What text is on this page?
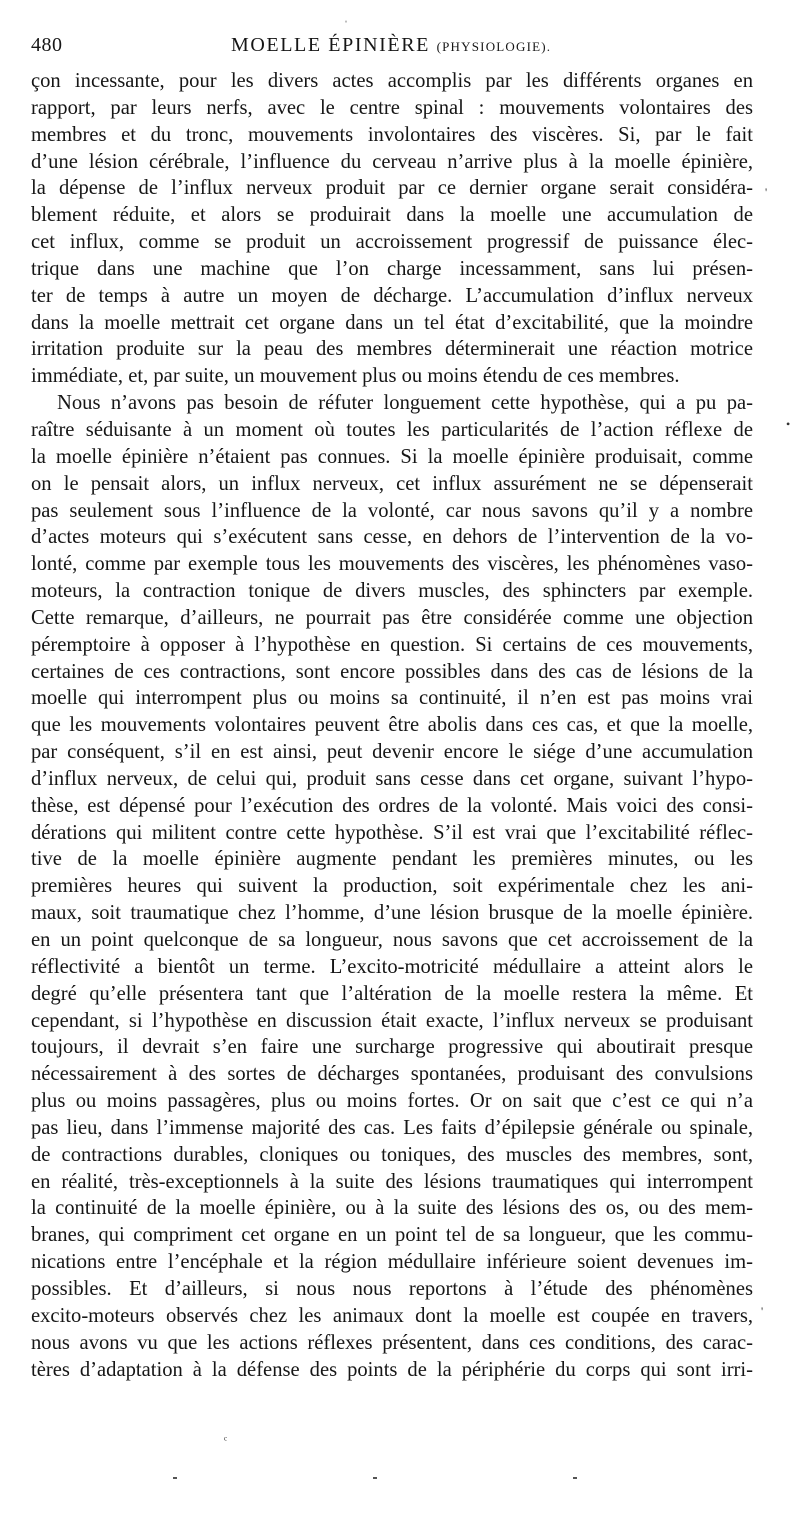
480	MOELLE ÉPINIÈRE (PHYSIOLOGIE).
çon incessante, pour les divers actes accomplis par les différents organes en
rapport, par leurs nerfs, avec le centre spinal : mouvements volontaires des
membres et du tronc, mouvements involontaires des viscères. Si, par le fait
d’une lésion cérébrale, l’influence du cerveau n’arrive plus à la moelle épinière,
la dépense de l’influx nerveux produit par ce dernier organe serait considéra-
blement réduite, et alors se produirait dans la moelle une accumulation de
cet influx, comme se produit un accroissement progressif de puissance élec-
trique dans une machine que l’on charge incessamment, sans lui présen-
ter de temps à autre un moyen de décharge. L’accumulation d’influx nerveux
dans la moelle mettrait cet organe dans un tel état d’excitabilité, que la moindre
irritation produite sur la peau des membres déterminerait une réaction motrice
immédiate, et, par suite, un mouvement plus ou moins étendu de ces membres.
Nous n’avons pas besoin de réfuter longuement cette hypothèse, qui a pu pa-
raître séduisante à un moment où toutes les particularités de l’action réflexe de
la moelle épinière n’étaient pas connues. Si la moelle épinière produisait, comme
on le pensait alors, un influx nerveux, cet influx assurément ne se dépenserait
pas seulement sous l’influence de la volonté, car nous savons qu’il y a nombre
d’actes moteurs qui s’exécutent sans cesse, en dehors de l’intervention de la vo-
lonté, comme par exemple tous les mouvements des viscères, les phénomènes vaso-
moteurs, la contraction tonique de divers muscles, des sphincters par exemple.
Cette remarque, d’ailleurs, ne pourrait pas être considérée comme une objection
péremptoire à opposer à l’hypothèse en question. Si certains de ces mouvements,
certaines de ces contractions, sont encore possibles dans des cas de lésions de la
moelle qui interrompent plus ou moins sa continuité, il n’en est pas moins vrai
que les mouvements volontaires peuvent être abolis dans ces cas, et que la moelle,
par conséquent, s’il en est ainsi, peut devenir encore le siége d’une accumulation
d’influx nerveux, de celui qui, produit sans cesse dans cet organe, suivant l’hypo-
thèse, est dépensé pour l’exécution des ordres de la volonté. Mais voici des consi-
dérations qui militent contre cette hypothèse. S’il est vrai que l’excitabilité réflec-
tive de la moelle épinière augmente pendant les premières minutes, ou les
premières heures qui suivent la production, soit expérimentale chez les ani-
maux, soit traumatique chez l’homme, d’une lésion brusque de la moelle épinière.
en un point quelconque de sa longueur, nous savons que cet accroissement de la
réflectivité a bientôt un terme. L’excito-motricité médullaire a atteint alors le
degré qu’elle présentera tant que l’altération de la moelle restera la même. Et
cependant, si l’hypothèse en discussion était exacte, l’influx nerveux se produisant
toujours, il devrait s’en faire une surcharge progressive qui aboutirait presque
nécessairement à des sortes de décharges spontanées, produisant des convulsions
plus ou moins passagères, plus ou moins fortes. Or on sait que c’est ce qui n’a
pas lieu, dans l’immense majorité des cas. Les faits d’épilepsie générale ou spinale,
de contractions durables, cloniques ou toniques, des muscles des membres, sont,
en réalité, très-exceptionnels à la suite des lésions traumatiques qui interrompent
la continuité de la moelle épinière, ou à la suite des lésions des os, ou des mem-
branes, qui compriment cet organe en un point tel de sa longueur, que les commu-
nications entre l’encéphale et la région médullaire inférieure soient devenues im-
possibles. Et d’ailleurs, si nous nous reportons à l’étude des phénomènes
excito-moteurs observés chez les animaux dont la moelle est coupée en travers,
nous avons vu que les actions réflexes présentent, dans ces conditions, des carac-
tères d’adaptation à la défense des points de la périphérie du corps qui sont irri-
ˌ
'
•
'
ᶜ
